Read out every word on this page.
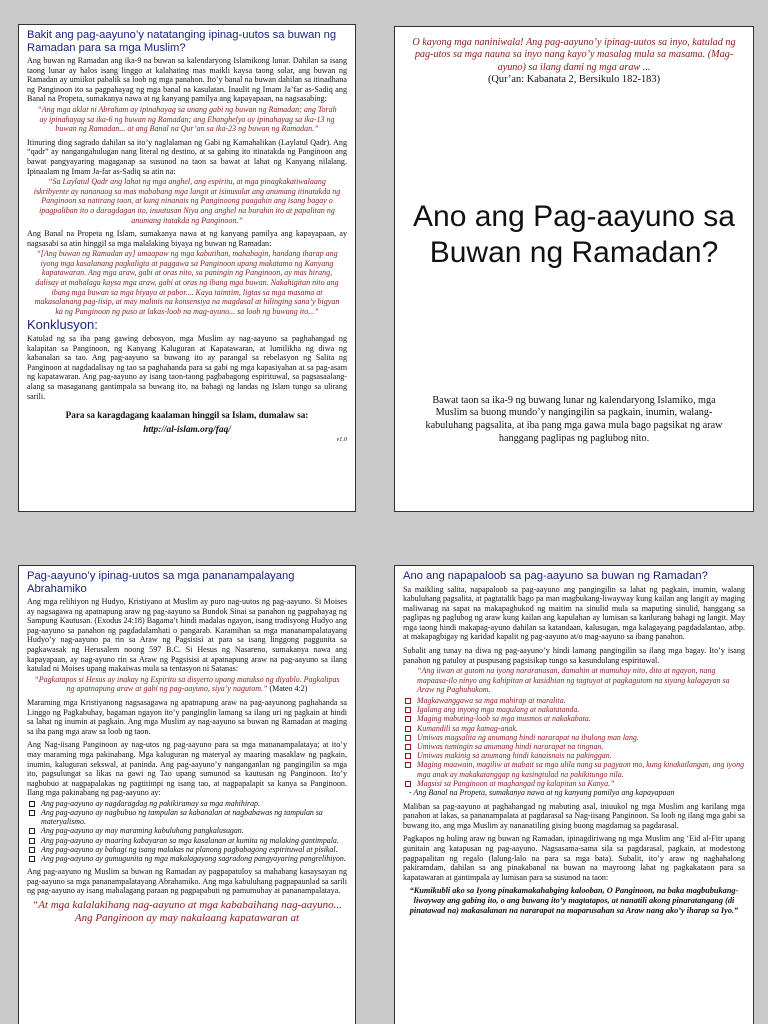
Bakit ang pag-aayuno’y natatanging ipinag-uutos sa buwan ng Ramadan para sa mga Muslim?

Ang buwan ng Ramadan ang ika-9 na buwan sa kalendaryong Islamikong lunar. Dahilan sa isang taong lunar ay halos isang linggo at kalahating mas maikli kaysa taong solar, ang buwan ng Ramadan ay umiikot pabalik sa loob ng mga panahon. Ito’y banal na buwan dahilan sa itinadhana ng Panginoon ito sa pagpahayag ng mga banal na kasulatan. Inaulit ng Imam Ja’far as-Sadiq ang Banal na Propeta, sumakanya nawa at ng kanyang pamilya ang kapayapaan, na nagsasabing:

“Ang mga aklat ni Abraham ay ipinahayag sa unang gabi ng buwan ng Ramadan; ang Torah ay ipinahayag sa ika-6 ng buwan ng Ramadan; ang Ebanghelyo ay ipinahayag sa ika-13 ng buwan ng Ramadan... at ang Banal na Qur’an sa ika-23 ng buwan ng Ramadan.”

Itinuring ding sagrado dahilan sa ito’y naglalaman ng Gabi ng Kamahalikan (Laylatul Qadr). Ang “qadr” ay nangangahulugan nang literal ng destino, at sa gabing ito itinatakda ng Panginoon ang bawat pangyayaring magaganap sa susunod na taon sa bawat at lahat ng Kanyang nilalang. Ipinaalam ng Imam Ja-far as-Sadiq sa atin na:

“Sa Laylatul Qadr ang lahat ng mga anghel, ang espiritu, at mga pinagkakatiwalaang iskribyente ay nananaog sa mas mababang mga langit at isinusulat ang anumang itinatakda ng Panginoon sa natirang taon, at kung ninanais ng Panginoong paagahin ang isang bagay o ipagpaliban ito o daragdagan ito, inuutusan Niya ang anghel na burahin ito at papalitan ng anumang itatakda ng Panginoon.”

Ang Banal na Propeta ng Islam, sumakanya nawa at ng kanyang pamilya ang kapayapaan, ay nagsasabi sa atin hinggil sa mga malalaking biyaya ng buwan ng Ramadan:

“[Ang buwan ng Ramadan ay] umaapaw ng mga kabutihan, mahabagin, handang iharap ang iyong mga kasalanang pagkaligta at paggawa sa Panginoon upang makatamo ng Kanyang kapatawaran. Ang mga araw, gabi at oras nito, sa paningin ng Panginoon, ay mas hirang, dalisay at mahalaga kaysa mga araw, gabi at oras ng ibang mga buwan. Nakahigitan nito ang ibang mga buwan sa mga biyaya at pabor.... Kaya taimtim, ligtas sa mga masama at makasalanang pag-iisip, at may malinis na konsensiya na magdasal at hilinging sana’y bigyan ka ng Panginoon ng puso at lakas-loob na mag-ayuno... sa loob ng buwang ito...”

Konklusyon:

Katulad ng sa iba pang gawing debosyon, mga Muslim ay nag-aayuno sa paghahangad ng kalapitan sa Panginoon, ng Kanyang Kaluguran at Kapatawaran, at lumilikha ng diwa ng kabanalan sa tao. Ang pag-aayuno sa buwang ito ay parangal sa rebelasyon ng Salita ng Panginoon at nagdadalisay ng tao sa paghahanda para sa gabi ng mga kapasiyahan at sa pag-asam ng kapatawaran. Ang pag-aayuno ay isang taon-taong pagbabagong espirituwal, sa pagsasaalang-alang sa masaganang gantimpala sa buwang ito, na bahagi ng landas ng Islam tungo sa ulirang sarili.

Para sa karagdagang kaalaman hinggil sa Islam, dumalaw sa:
http://al-islam.org/faq/
v1.0
O kayong mga naniniwala! Ang pag-aayuno’y ipinag-uutos sa inyo, katulad ng pag-utos sa mga nauna sa inyo nang kayo’y masalag mula sa masama. (Mag-ayuno) sa ilang dami ng mga araw ...
(Qur’an: Kabanata 2, Bersikulo 182-183)
Ano ang Pag-aayuno sa Buwan ng Ramadan?
Bawat taon sa ika-9 ng buwang lunar ng kalendaryong Islamiko, mga Muslim sa buong mundo’y nangingilin sa pagkain, inumin, walang-kabuluhang pagsalita, at iba pang mga gawa mula bago pagsikat ng araw hanggang paglipas ng paglubog nito.
Pag-aayuno’y ipinag-uutos sa mga pananampalayang Abrahamiko

Ang mga relihiyon ng Hudyo, Kristiyano at Muslim ay puro nag-uutos ng pag-aayuno. Si Moises ay nagsagawa ng apatnapung araw ng pag-aayuno sa Bundok Sinai sa panahon ng pagpahayag ng Sampung Kautusan. (Exodus 24:18) Bagama’t hindi madalas ngayon, isang tradisyong Hudyo ang pag-aayuno sa panahon ng pagdadalamhati o pangarab. Karamihan sa mga mananampalatayang Hudyo’y nag-aayuno pa rin sa Araw ng Pagsisisi at para sa isang linggong paggunita sa pagkawasak ng Herusalem noong 597 B.C. Si Hesus ng Nasareno, sumakanya nawa ang kapayapaan, ay nag-ayuno rin sa Araw ng Pagsisisi at apatnapung araw na pag-aayuno sa ilang katulad ni Moises upang makaiwas mula sa tentasyon ni Satanas:

“Pagkatapos si Hesus ay inakay ng Espiritu sa disyerto upang matukso ng diyablo. Pagkalipas ng apatnapung araw at gabi ng pag-aayuno, siya’y nagutom.” (Mateo 4:2)

Maraming mga Kristiyanong nagsasagawa ng apatnapung araw na pag-aayunong paghahanda sa Linggo ng Pagkabuhay, bagaman ngayon ito’y panginglin lamang sa ilang uri ng pagkain at hindi sa lahat ng inumin at pagkain. Ang mga Muslim ay nag-aayuno sa buwan ng Ramadan at maging sa iba pang mga araw sa loob ng taon.

Ang Nag-iisang Panginoon ay nag-utos ng pag-aayuno para sa mga mananampalataya; at ito’y may maraming mga pakinabang. Mga kaluguran ng materyal ay maaring masaklaw ng pagkain, inumin, kaluguran sekswal, at paninda. Ang pag-aayuno’y nanganganlan ng pangingilin sa mga ito, pagsulungat sa likas na gawi ng Tao upang sumunod sa kautusan ng Panginoon. Ito’y nagbubuo at nagpapalakas ng pagtitimpi ng isang tao, at nagpapalapit sa kanya sa Panginoon. Ilang mga pakinabang ng pag-aayuno ay:

Ang pag-aayuno ay nagdaragdag ng pakikiramay sa mga mahihirap.
Ang pag-aayuno ay nagbubuo ng tampulan sa kabanalan at nagbabawas ng tampulan sa materyalismo.
Ang pag-aayuno ay may maraming kabuluhang pangkalusugan.
Ang pag-aayuno ay maaring kabayaran sa mga kasalanan at kumita ng malaking gantimpala.
Ang pag-aayuno ay bahagi ng isang malakas na planong pagbabagong espirituwal at pisikal.
Ang pag-aayuno ay gumugunita ng mga makalagayong sagradong pangyayaring pangrelihiyon.

Ang pag-aayuno ng Muslim sa buwan ng Ramadan ay pagpapatuloy sa mahabang kasaysayan ng pag-aayuno sa mga pananampalatayang Abrahamiko. Ang mga kabuluhang pagpapaunlad sa sarili ng pag-aayuno ay isang mahalagang paraan ng pagpapabuti ng pamumuhay at pananampalataya.

“At mga kalalakihang nag-aayuno at mga kababaihang nag-aayuno... Ang Panginoon ay may nakalaang kapatawaran at
Ano ang napapaloob sa pag-aayuno sa buwan ng Ramadan?

Sa maikling salita, napapaloob sa pag-aayuno ang pangingilin sa lahat ng pagkain, inumin, walang kabuluhang pagsalita, at pagtatalik bago pa man magbukang-liwayway kung kailan ang langit ay maging maliwanag na sapat na makapagbukod ng maitim na sinulid mula sa maputing sinulid, hanggang sa paglipas ng paglubog ng araw kung kailan ang kapulahan ay lumisan sa kanlurang bahagi ng langit. May mga taong hindi makapag-ayuno dahilan sa katandaan, kalusugan, mga kalagayang pagdadalantao, atbp. at makapagbigay ng karidad kapalit ng pag-aayuno at/o mag-aayuno sa ibang panahon.

Subalit ang tunay na diwa ng pag-aayuno’y hindi lamang pangingilin sa ilang mga bagay. Ito’y isang panahon ng patuloy at puspusang pagsisikap tungo sa kasundulang espirituwal.

“Ang iiwan at gutom na iyong nararanasan, damahin at mamuhay nito, dito at ngayon, nang mapaasa-ilo ninyo ang kahipitan at kasidhian ng tagtuyot at pagkagutom na siyang kalagayan sa Araw ng Paghuhukom.

Magkawanggawa sa mga mahirap at maralita.
Igalang ang inyong mga magulang at nakatatanda.
Maging mabuting-loob sa mga musmos at nakakabata.
Kumandili sa mga kamag-anak.
Umiwas magsalita ng anumang hindi nararapat na ibulong man lang.
Umiwas tumingin sa anumang hindi nararapat na tingnan.
Umiwas makinig sa anumang hindi kanaisnais na pakinggan.
Maging maawain, magiliw at mabait sa mga ulila nang sa pagyaon mo, kung kinakailangan, ang iyong mga anak ay makakatanggap ng kasingtulad na pakikitungo nila.
Magsisi sa Panginoon at maghangad ng kalapitan sa Kanya.”
- Ang Banal na Propeta, sumakanya nawa at ng kanyang pamilya ang kapayapaan

Maliban sa pag-aayuno at paghahangad ng mabuting asal, iniuukol ng mga Muslim ang karilang mga panahon at lakas, sa pananampalata at pagdarasal sa Nag-iisang Panginoon. Sa loob ng ilang mga gabi sa buwang ito, ang mga Muslim ay nananatiling gising buong magdamag sa pagdarasal.

Pagkapos ng huling araw ng buwan ng Ramadan, ipinagdiriwang ng mga Muslim ang ‘Eid al-Fitr upang gunitain ang katapusan ng pag-aayuno. Nagsasama-sama sila sa pagdarasal, pagkain, at modestong pagpapalitan ng regalo (lalung-lalo na para sa mga bata). Subalit, ito’y araw ng naghahalong pakiramdam, dahilan sa ang pinakabanal na buwan na mayroong lahat ng pagkakataon para sa kapatawaran at gantimpala ay lumisan para sa susunod na taon:

“Kumikubli ako sa Iyong pinakamakahabging kalooban, O Panginoon, na baka magbubukang-liwayway ang gabing ito, o ang buwang ito’y magtatapos, at nanatili akong pinaratangang (di pinatawad na) makasalanan na nararapat na maparusahan sa Araw nang ako’y iharap sa Iyo.”
